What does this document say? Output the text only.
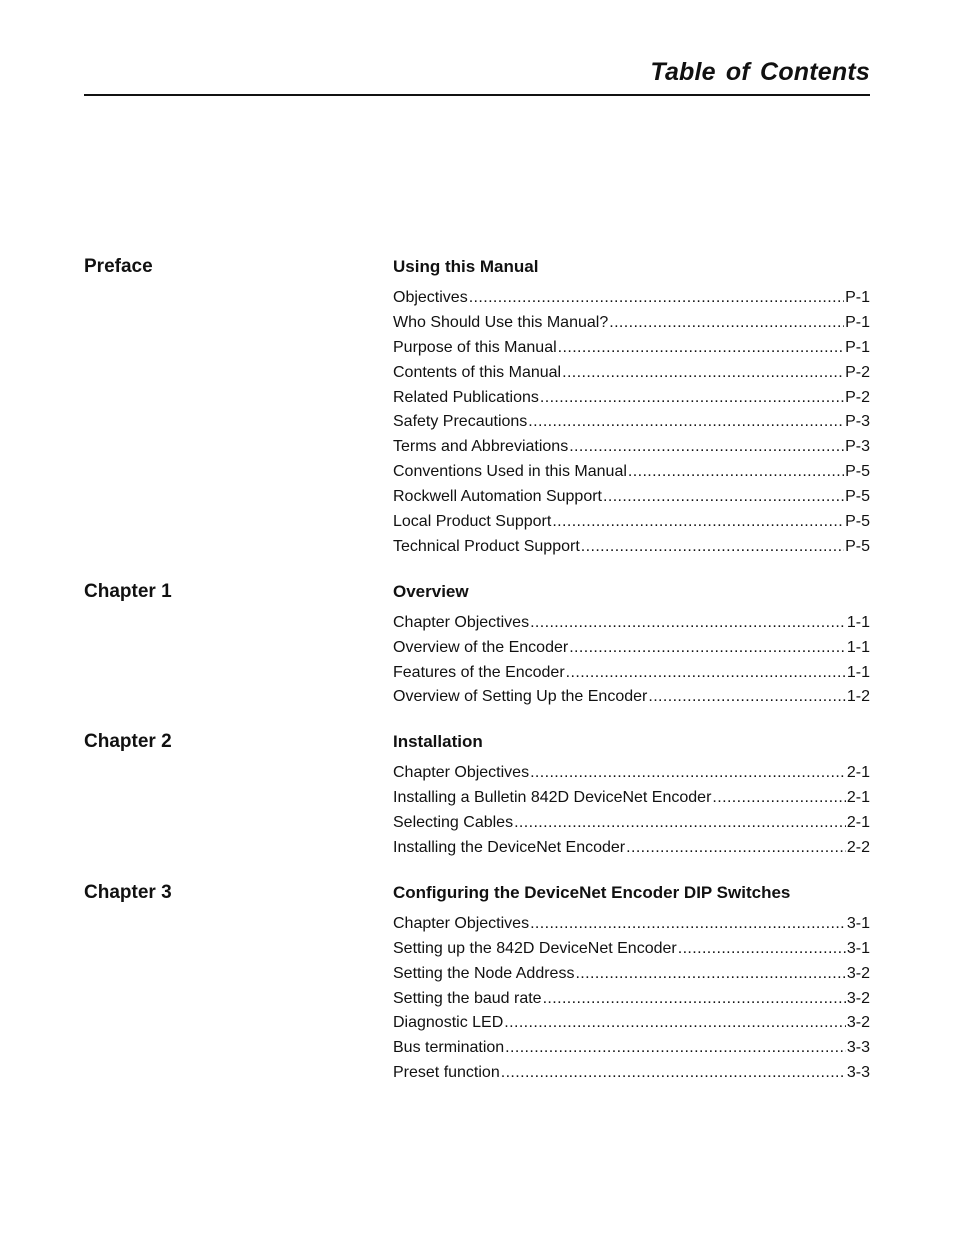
Table of Contents
Preface	Using this Manual
Objectives .....	P-1
Who Should Use this Manual? .....	P-1
Purpose of this Manual .....	P-1
Contents of this Manual .....	P-2
Related Publications .....	P-2
Safety Precautions .....	P-3
Terms and Abbreviations .....	P-3
Conventions Used in this Manual .....	P-5
Rockwell Automation Support .....	P-5
Local Product Support .....	P-5
Technical Product Support .....	P-5
Chapter 1	Overview
Chapter Objectives .....	1-1
Overview of the Encoder .....	1-1
Features of the Encoder .....	1-1
Overview of Setting Up the Encoder .....	1-2
Chapter 2	Installation
Chapter Objectives .....	2-1
Installing a Bulletin 842D DeviceNet Encoder .....	2-1
Selecting Cables .....	2-1
Installing the DeviceNet Encoder .....	2-2
Chapter 3	Configuring the DeviceNet Encoder DIP Switches
Chapter Objectives .....	3-1
Setting up the 842D DeviceNet Encoder .....	3-1
Setting the Node Address .....	3-2
Setting the baud rate .....	3-2
Diagnostic LED .....	3-2
Bus termination .....	3-3
Preset function .....	3-3
